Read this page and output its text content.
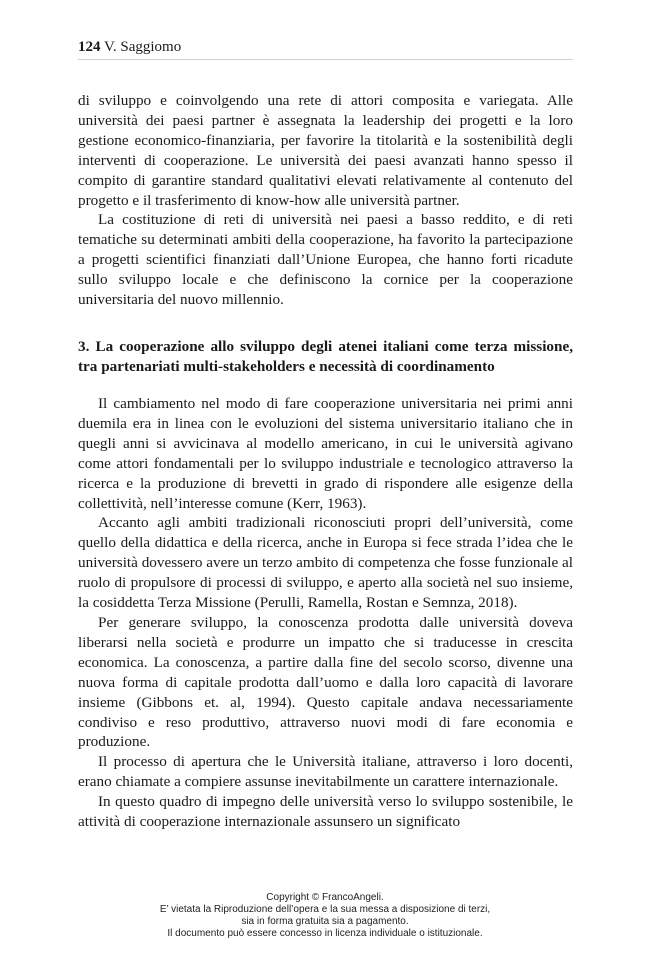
124 V. Saggiomo

di sviluppo e coinvolgendo una rete di attori composita e variegata. Alle università dei paesi partner è assegnata la leadership dei progetti e la loro gestione economico-finanziaria, per favorire la titolarità e la sostenibilità degli interventi di cooperazione. Le università dei paesi avanzati hanno spesso il compito di garantire standard qualitativi elevati relativamente al contenuto del progetto e il trasferimento di know-how alle università partner.

La costituzione di reti di università nei paesi a basso reddito, e di reti tematiche su determinati ambiti della cooperazione, ha favorito la partecipazione a progetti scientifici finanziati dall’Unione Europea, che hanno forti ricadute sullo sviluppo locale e che definiscono la cornice per la cooperazione universitaria del nuovo millennio.

3. La cooperazione allo sviluppo degli atenei italiani come terza missione, tra partenariati multi-stakeholders e necessità di coordinamento

Il cambiamento nel modo di fare cooperazione universitaria nei primi anni duemila era in linea con le evoluzioni del sistema universitario italiano che in quegli anni si avvicinava al modello americano, in cui le università agivano come attori fondamentali per lo sviluppo industriale e tecnologico attraverso la ricerca e la produzione di brevetti in grado di rispondere alle esigenze della collettività, nell’interesse comune (Kerr, 1963).

Accanto agli ambiti tradizionali riconosciuti propri dell’università, come quello della didattica e della ricerca, anche in Europa si fece strada l’idea che le università dovessero avere un terzo ambito di competenza che fosse funzionale al ruolo di propulsore di processi di sviluppo, e aperto alla società nel suo insieme, la cosiddetta Terza Missione (Perulli, Ramella, Rostan e Semnza, 2018).

Per generare sviluppo, la conoscenza prodotta dalle università doveva liberarsi nella società e produrre un impatto che si traducesse in crescita economica. La conoscenza, a partire dalla fine del secolo scorso, divenne una nuova forma di capitale prodotta dall’uomo e dalla loro capacità di lavorare insieme (Gibbons et. al, 1994). Questo capitale andava necessariamente condiviso e reso produttivo, attraverso nuovi modi di fare economia e produzione.

Il processo di apertura che le Università italiane, attraverso i loro docenti, erano chiamate a compiere assunse inevitabilmente un carattere internazionale.

In questo quadro di impegno delle università verso lo sviluppo sostenibile, le attività di cooperazione internazionale assunsero un significato

Copyright © FrancoAngeli.
E’ vietata la Riproduzione dell’opera e la sua messa a disposizione di terzi,
sia in forma gratuita sia a pagamento.
Il documento può essere concesso in licenza individuale o istituzionale.
